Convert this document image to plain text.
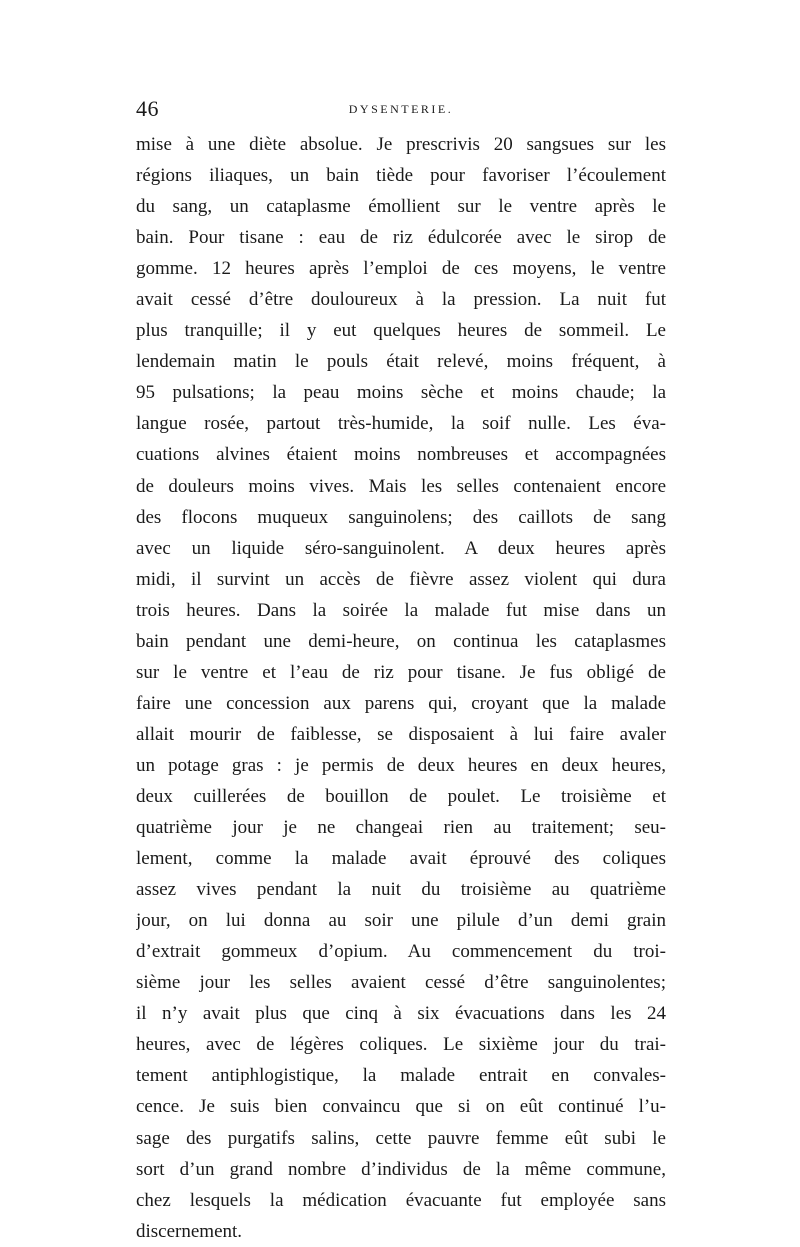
46	DYSENTERIE.
mise à une diète absolue. Je prescrivis 20 sangsues sur les
régions iliaques, un bain tiède pour favoriser l’écoulement
du sang, un cataplasme émollient sur le ventre après le
bain. Pour tisane : eau de riz édulcorée avec le sirop de
gomme. 12 heures après l’emploi de ces moyens, le ventre
avait cessé d’être douloureux à la pression. La nuit fut
plus tranquille; il y eut quelques heures de sommeil. Le
lendemain matin le pouls était relevé, moins fréquent, à
95 pulsations; la peau moins sèche et moins chaude; la
langue rosée, partout très-humide, la soif nulle. Les éva-
cuations alvines étaient moins nombreuses et accompagnées
de douleurs moins vives. Mais les selles contenaient encore
des flocons muqueux sanguinolens; des caillots de sang
avec un liquide séro-sanguinolent. A deux heures après
midi, il survint un accès de fièvre assez violent qui dura
trois heures. Dans la soirée la malade fut mise dans un
bain pendant une demi-heure, on continua les cataplasmes
sur le ventre et l’eau de riz pour tisane. Je fus obligé de
faire une concession aux parens qui, croyant que la malade
allait mourir de faiblesse, se disposaient à lui faire avaler
un potage gras : je permis de deux heures en deux heures,
deux cuillerées de bouillon de poulet. Le troisième et
quatrième jour je ne changeai rien au traitement; seu-
lement, comme la malade avait éprouvé des coliques
assez vives pendant la nuit du troisième au quatrième
jour, on lui donna au soir une pilule d’un demi grain
d’extrait gommeux d’opium. Au commencement du troi-
sième jour les selles avaient cessé d’être sanguinolentes;
il n’y avait plus que cinq à six évacuations dans les 24
heures, avec de légères coliques. Le sixième jour du trai-
tement antiphlogistique, la malade entrait en convales-
cence. Je suis bien convaincu que si on eût continué l’u-
sage des purgatifs salins, cette pauvre femme eût subi le
sort d’un grand nombre d’individus de la même commune,
chez lesquels la médication évacuante fut employée sans
discernement.
